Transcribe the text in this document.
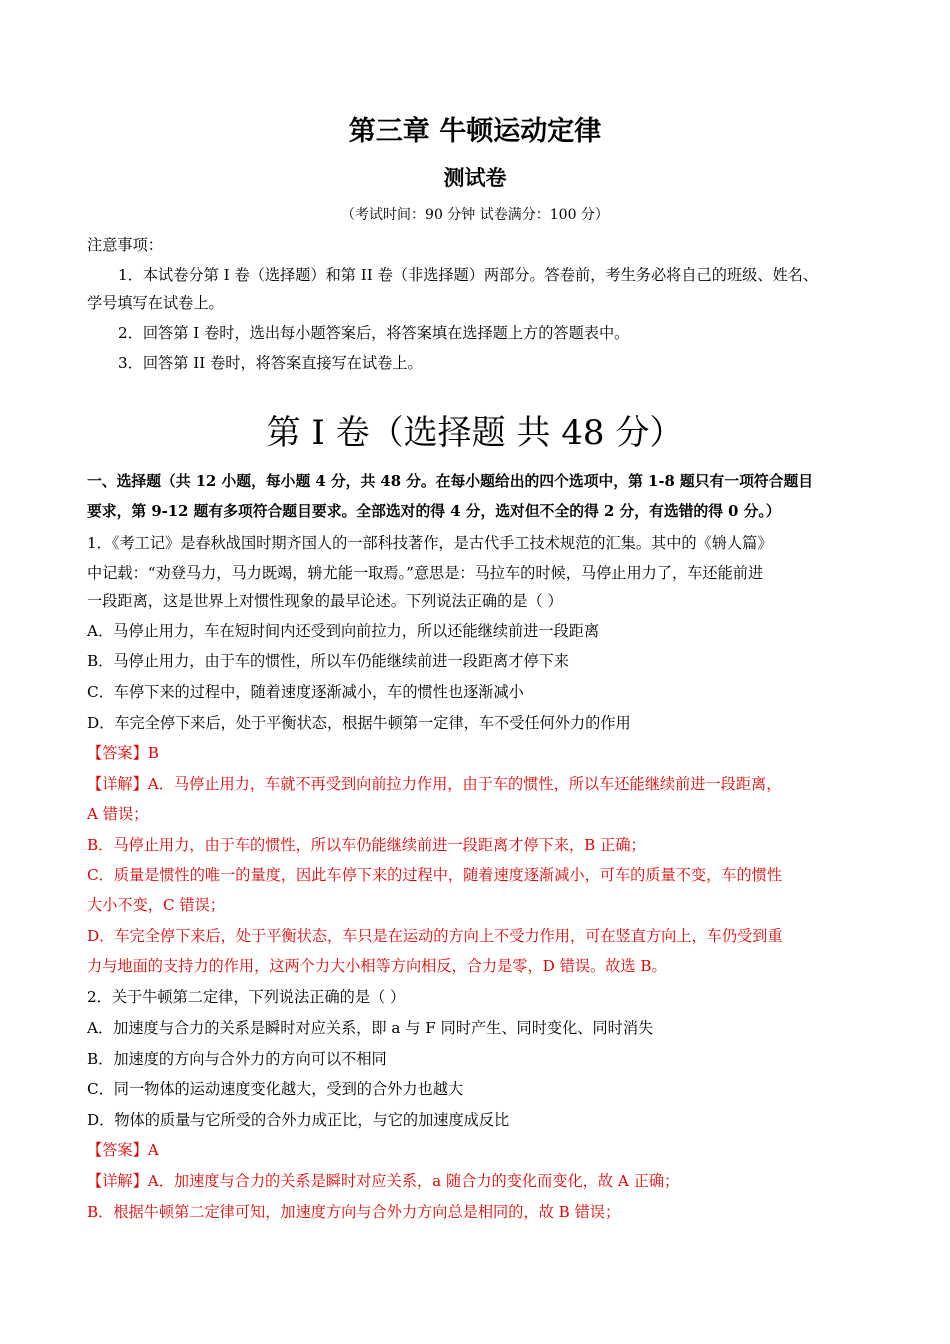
第三章 牛顿运动定律
测试卷
（考试时间：90 分钟 试卷满分：100 分）
注意事项：
1．本试卷分第 I 卷（选择题）和第 II 卷（非选择题）两部分。答卷前，考生务必将自己的班级、姓名、
学号填写在试卷上。
2．回答第 I 卷时，选出每小题答案后，将答案填在选择题上方的答题表中。
3．回答第 II 卷时，将答案直接写在试卷上。
第 I 卷（选择题 共 48 分）
一、选择题（共 12 小题，每小题 4 分，共 48 分。在每小题给出的四个选项中，第 1-8 题只有一项符合题目
要求，第 9-12 题有多项符合题目要求。全部选对的得 4 分，选对但不全的得 2 分，有选错的得 0 分。）
1．《考工记》是春秋战国时期齐国人的一部科技著作，是古代手工技术规范的汇集。其中的《辀人篇》
中记载：“劝登马力，马力既竭，辀尤能一取焉。”意思是：马拉车的时候，马停止用力了，车还能前进
一段距离，这是世界上对惯性现象的最早论述。下列说法正确的是（ ）
A．马停止用力，车在短时间内还受到向前拉力，所以还能继续前进一段距离
B．马停止用力，由于车的惯性，所以车仍能继续前进一段距离才停下来
C．车停下来的过程中，随着速度逐渐减小，车的惯性也逐渐减小
D．车完全停下来后，处于平衡状态，根据牛顿第一定律，车不受任何外力的作用
【答案】B
【详解】A．马停止用力，车就不再受到向前拉力作用，由于车的惯性，所以车还能继续前进一段距离，
A 错误；
B．马停止用力，由于车的惯性，所以车仍能继续前进一段距离才停下来，B 正确；
C．质量是惯性的唯一的量度，因此车停下来的过程中，随着速度逐渐减小，可车的质量不变，车的惯性
大小不变，C 错误；
D．车完全停下来后，处于平衡状态，车只是在运动的方向上不受力作用，可在竖直方向上，车仍受到重
力与地面的支持力的作用，这两个力大小相等方向相反，合力是零，D 错误。故选 B。
2．关于牛顿第二定律，下列说法正确的是（ ）
A．加速度与合力的关系是瞬时对应关系，即 a 与 F 同时产生、同时变化、同时消失
B．加速度的方向与合外力的方向可以不相同
C．同一物体的运动速度变化越大，受到的合外力也越大
D．物体的质量与它所受的合外力成正比，与它的加速度成反比
【答案】A
【详解】A．加速度与合力的关系是瞬时对应关系，a 随合力的变化而变化，故 A 正确；
B．根据牛顿第二定律可知，加速度方向与合外力方向总是相同的，故 B 错误；
